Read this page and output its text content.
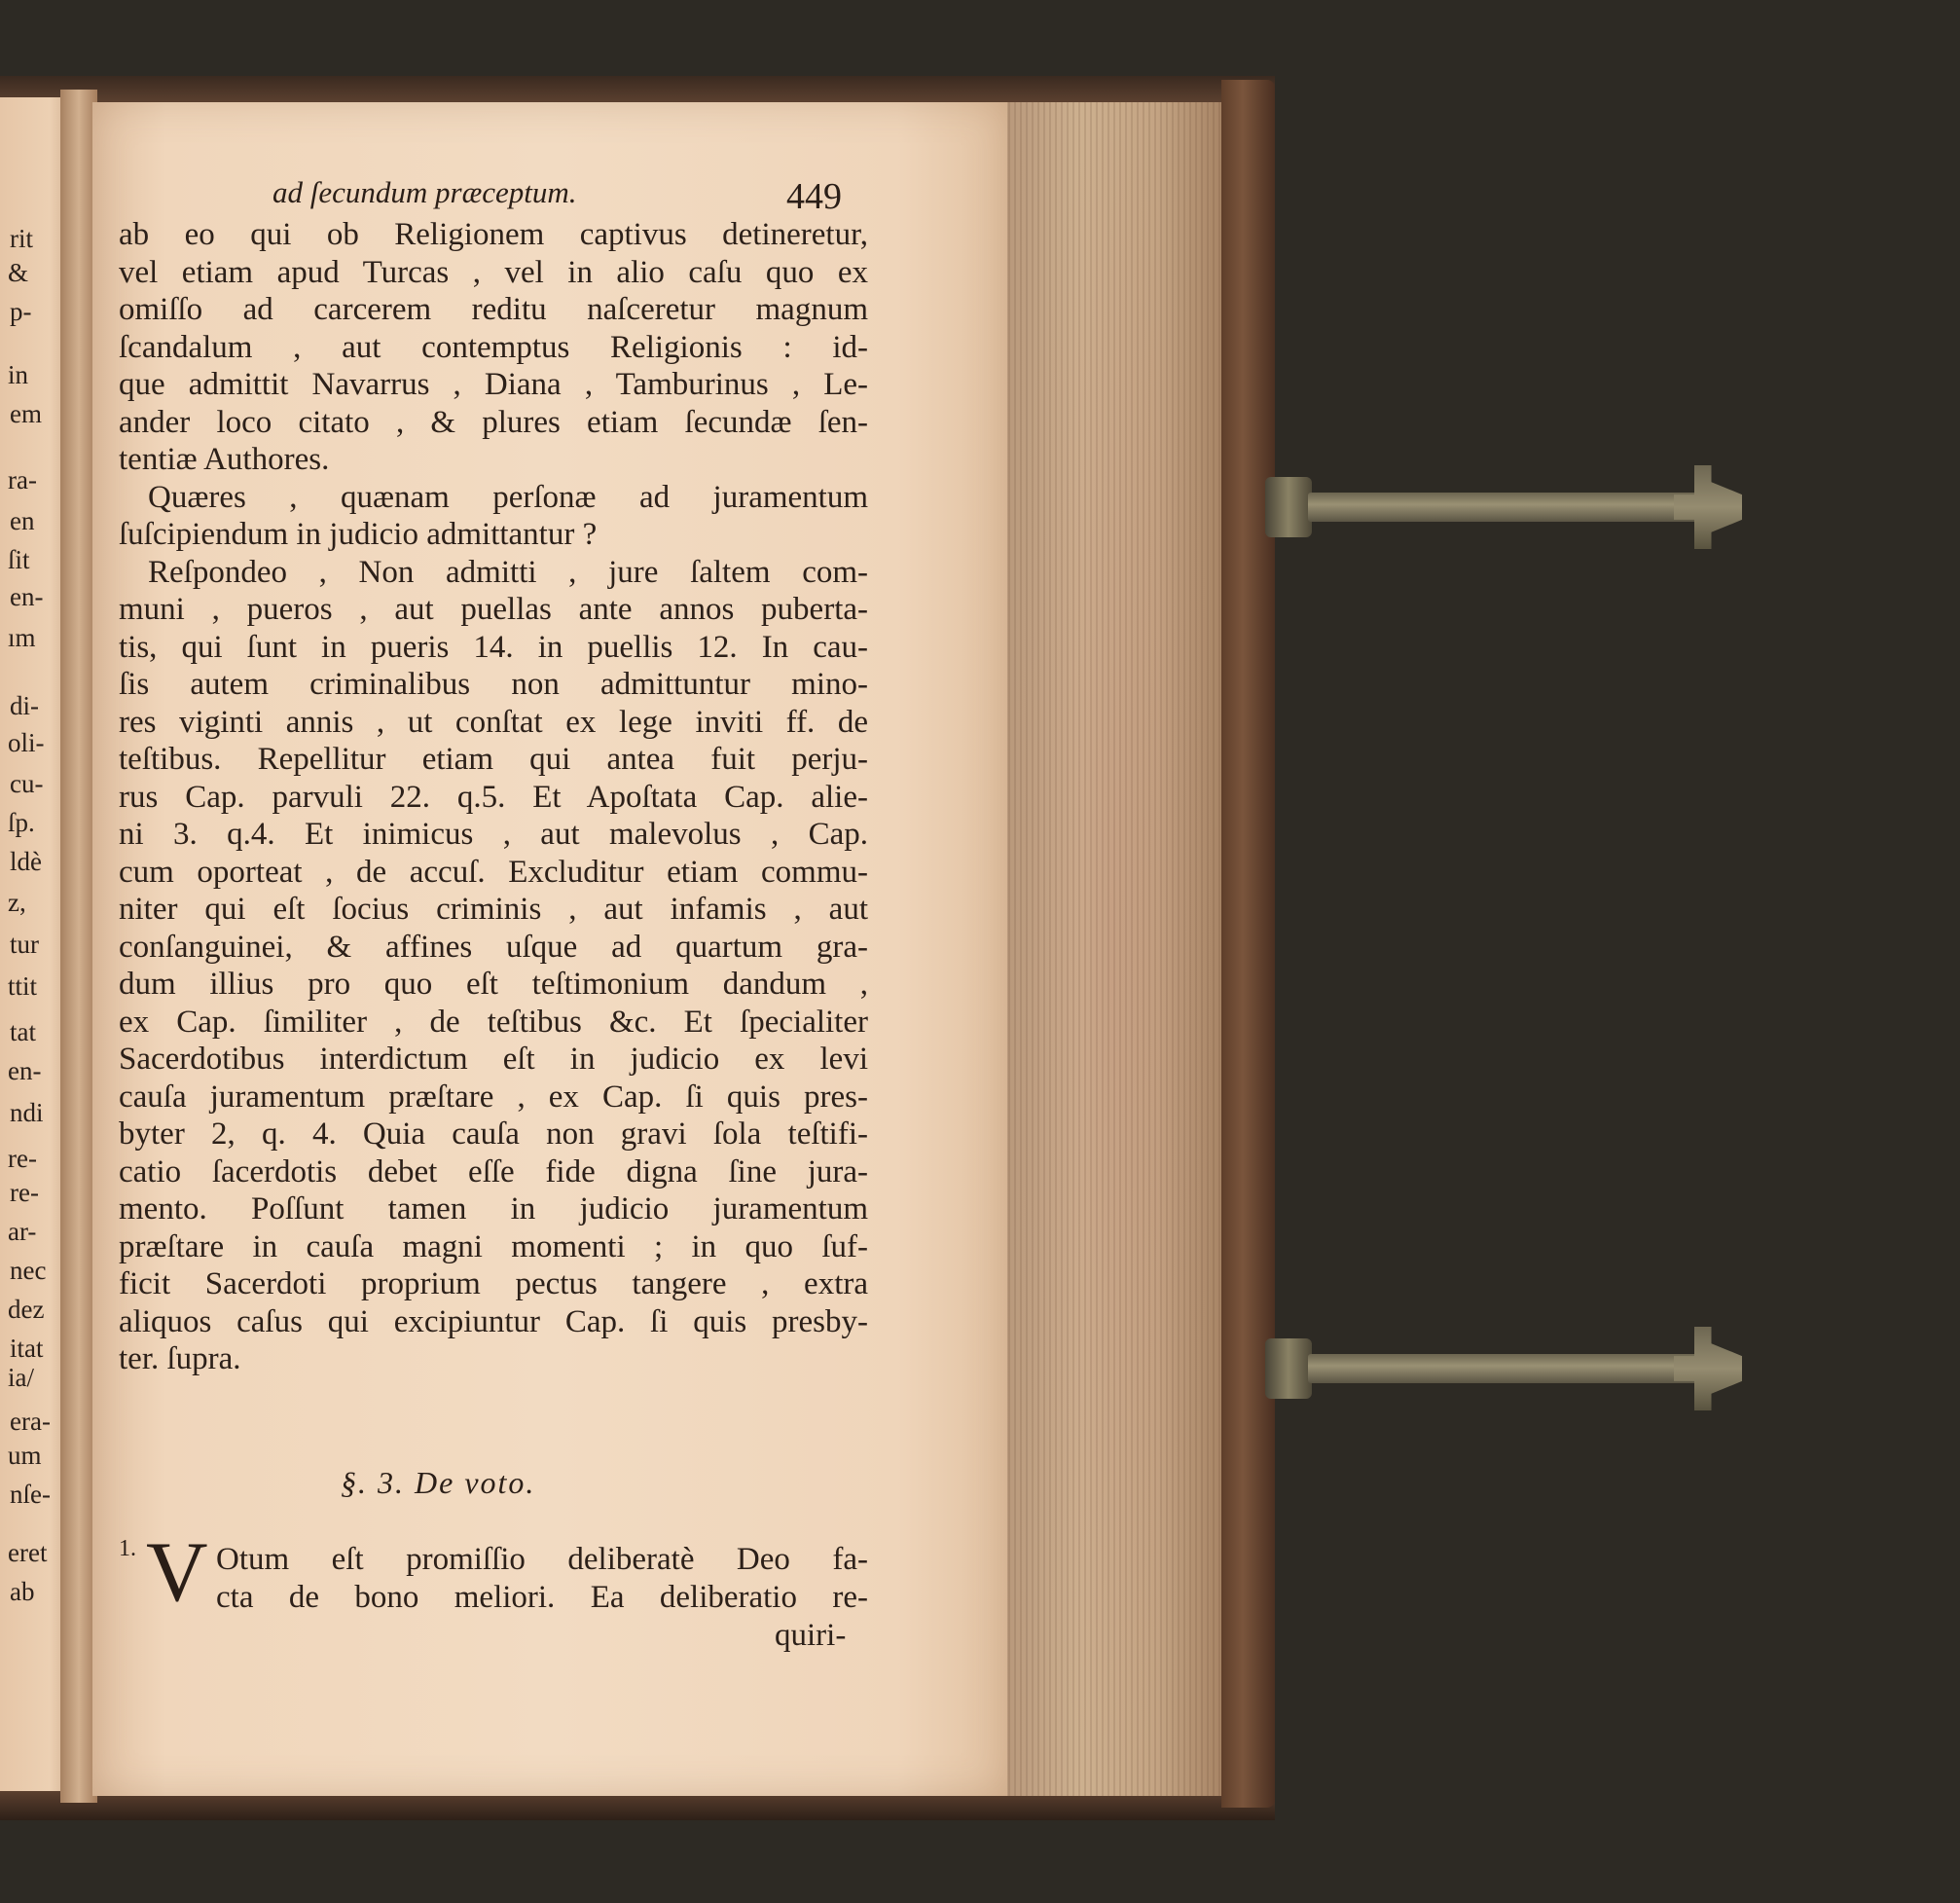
rit
&
p-
in
em
ra-
en
ſit
en-
ım
di-
oli-
cu-
ſp.
ldè
z,
tur
ttit
tat
en-
ndi
re-
re-
ar-
nec
dez
itat
ia/
era-
um
nſe-
eret
ab
ad ſecundum præceptum.	449
ab eo qui ob Religionem captivus detineretur,
vel etiam apud Turcas , vel in alio caſu quo ex
omiſſo ad carcerem reditu naſceretur magnum
ſcandalum , aut contemptus Religionis : id-
que admittit Navarrus , Diana , Tamburinus , Le-
ander loco citato , & plures etiam ſecundæ ſen-
tentiæ Authores.
Quæres , quænam perſonæ ad juramentum
ſuſcipiendum in judicio admittantur ?
Reſpondeo , Non admitti , jure ſaltem com-
muni , pueros , aut puellas ante annos puberta-
tis, qui ſunt in pueris 14. in puellis 12. In cau-
ſis autem criminalibus non admittuntur mino-
res viginti annis , ut conſtat ex lege inviti ff. de
teſtibus. Repellitur etiam qui antea fuit perju-
rus Cap. parvuli 22. q.5. Et Apoſtata Cap. alie-
ni 3. q.4. Et inimicus , aut malevolus , Cap.
cum oporteat , de accuſ. Excluditur etiam commu-
niter qui eſt ſocius criminis , aut infamis , aut
conſanguinei, & affines uſque ad quartum gra-
dum illius pro quo eſt teſtimonium dandum ,
ex Cap. ſimiliter , de teſtibus &c. Et ſpecialiter
Sacerdotibus interdictum eſt in judicio ex levi
cauſa juramentum præſtare , ex Cap. ſi quis pres-
byter 2, q. 4. Quia cauſa non gravi ſola teſtifi-
catio ſacerdotis debet eſſe fide digna ſine jura-
mento. Poſſunt tamen in judicio juramentum
præſtare in cauſa magni momenti ; in quo ſuf-
ficit Sacerdoti proprium pectus tangere , extra
aliquos caſus qui excipiuntur Cap. ſi quis presby-
ter. ſupra.
§. 3. De voto.
1. V Otum eſt promiſſio deliberatè Deo fa-
cta de bono meliori. Ea deliberatio re-
quiri-
